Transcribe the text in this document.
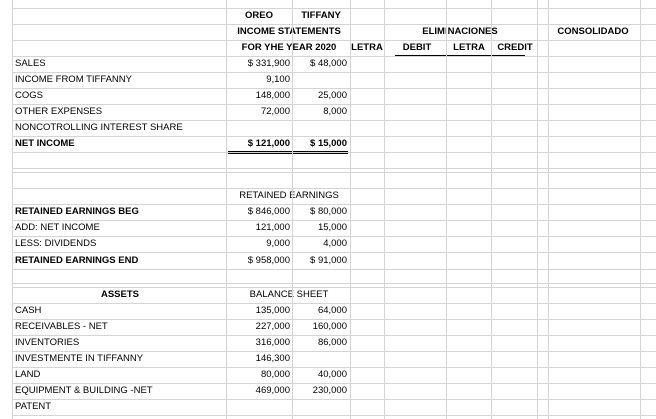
OREO	TIFFANY
INCOME STATEMENTS	ELIMINACIONES	CONSOLIDADO
FOR YHE YEAR 2020	LETRA	DEBIT	LETRA	CREDIT
SALES	$ 331,900	$ 48,000
INCOME FROM TIFFANNY	9,100
COGS	148,000	25,000
OTHER EXPENSES	72,000	8,000
NONCOTROLLING INTEREST SHARE
NET INCOME	$ 121,000	$ 15,000
RETAINED EARNINGS
RETAINED EARNINGS BEG	$ 846,000	$ 80,000
ADD: NET INCOME	121,000	15,000
LESS: DIVIDENDS	9,000	4,000
RETAINED EARNINGS END	$ 958,000	$ 91,000
ASSETS	BALANCE SHEET
CASH	135,000	64,000
RECEIVABLES - NET	227,000	160,000
INVENTORIES	316,000	86,000
INVESTMENTE IN TIFFANNY	146,300
LAND	80,000	40,000
EQUIPMENT & BUILDING -NET	469,000	230,000
PATENT
